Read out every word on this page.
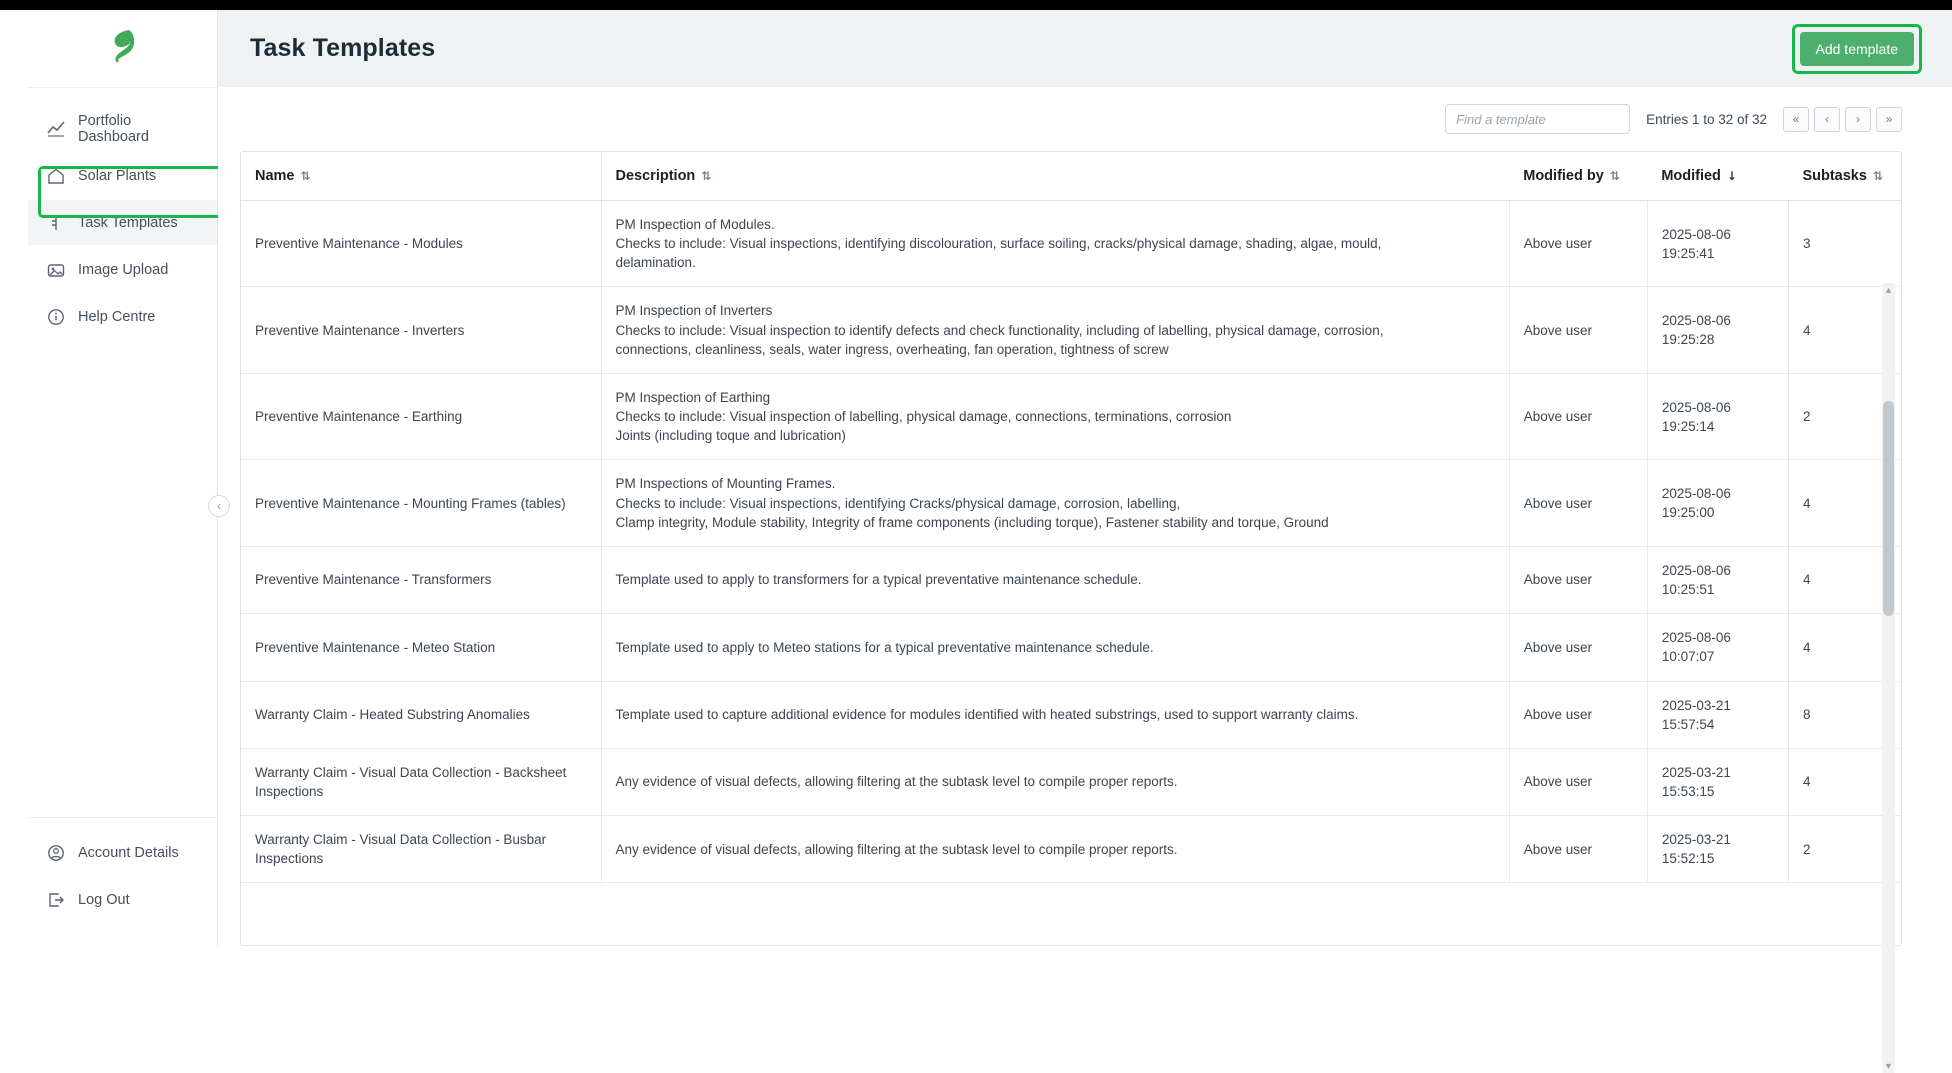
Portfolio Dashboard
Solar Plants
Task Templates
Image Upload
Help Centre
Account Details
Log Out
‹
Task Templates	Add template
Find a template
Entries 1 to 32 of 32	«	‹	›	»
Name ⇅	Description ⇅	Modified by ⇅	Modified ↓	Subtasks ⇅
Preventive Maintenance - Modules	PM Inspection of Modules.
Checks to include: Visual inspections, identifying discolouration, surface soiling, cracks/physical damage, shading, algae, mould,
delamination.	Above user	2025-08-06
19:25:41	3
Preventive Maintenance - Inverters	PM Inspection of Inverters
Checks to include: Visual inspection to identify defects and check functionality, including of labelling, physical damage, corrosion,
connections, cleanliness, seals, water ingress, overheating, fan operation, tightness of screw	Above user	2025-08-06
19:25:28	4
Preventive Maintenance - Earthing	PM Inspection of Earthing
Checks to include: Visual inspection of labelling, physical damage, connections, terminations, corrosion
Joints (including toque and lubrication)	Above user	2025-08-06
19:25:14	2
Preventive Maintenance - Mounting Frames (tables)	PM Inspections of Mounting Frames.
Checks to include: Visual inspections, identifying Cracks/physical damage, corrosion, labelling,
Clamp integrity, Module stability, Integrity of frame components (including torque), Fastener stability and torque, Ground	Above user	2025-08-06
19:25:00	4
Preventive Maintenance - Transformers	Template used to apply to transformers for a typical preventative maintenance schedule.	Above user	2025-08-06
10:25:51	4
Preventive Maintenance - Meteo Station	Template used to apply to Meteo stations for a typical preventative maintenance schedule.	Above user	2025-08-06
10:07:07	4
Warranty Claim - Heated Substring Anomalies	Template used to capture additional evidence for modules identified with heated substrings, used to support warranty claims.	Above user	2025-03-21
15:57:54	8
Warranty Claim - Visual Data Collection - Backsheet Inspections	Any evidence of visual defects, allowing filtering at the subtask level to compile proper reports.	Above user	2025-03-21
15:53:15	4
Warranty Claim - Visual Data Collection - Busbar Inspections	Any evidence of visual defects, allowing filtering at the subtask level to compile proper reports.	Above user	2025-03-21
15:52:15	2
▲
▼
